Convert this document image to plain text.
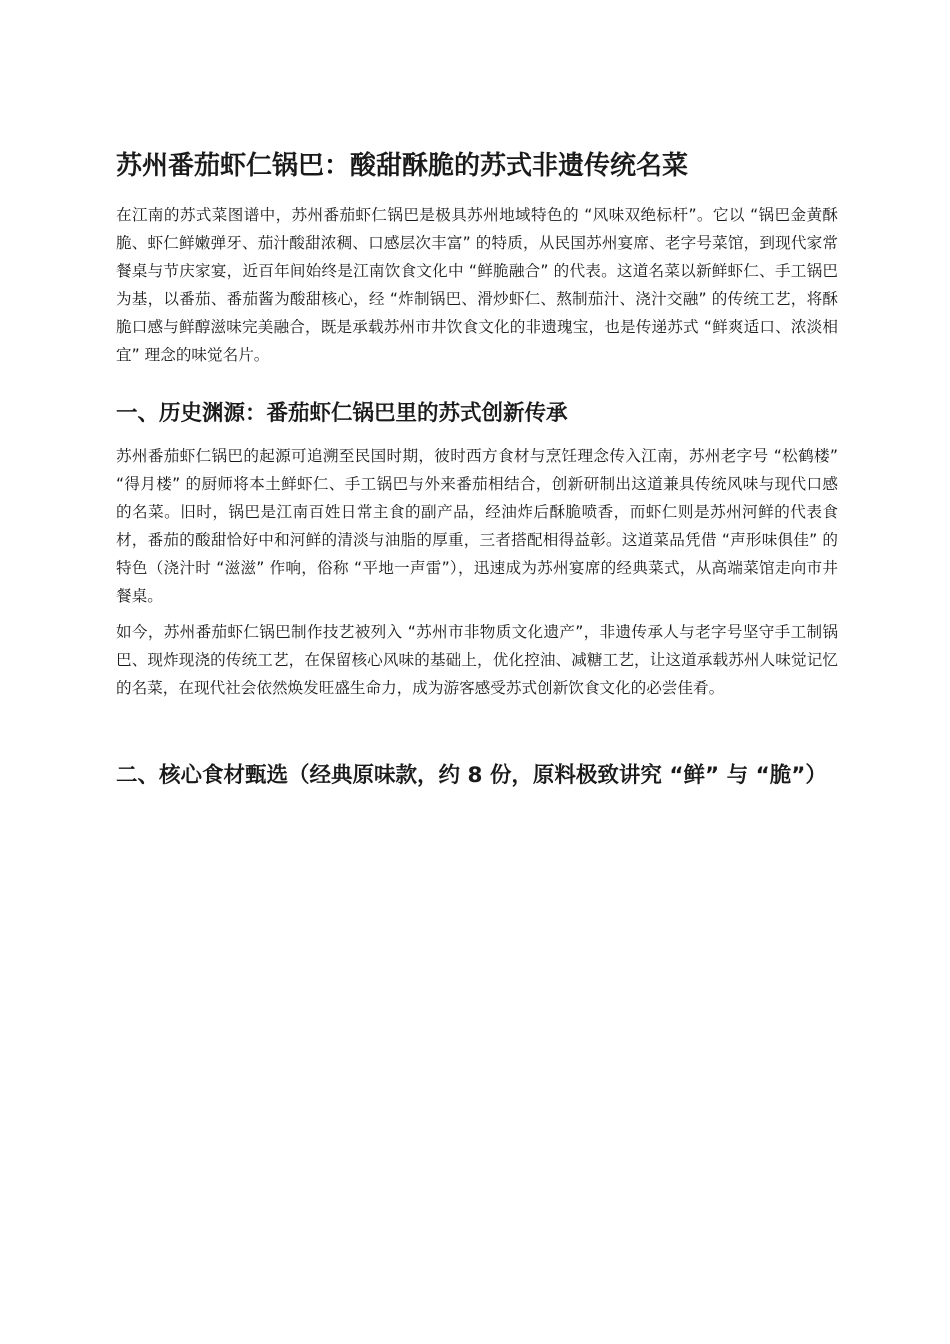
苏州番茄虾仁锅巴：酸甜酥脆的苏式非遗传统名菜

在江南的苏式菜图谱中，苏州番茄虾仁锅巴是极具苏州地域特色的 “风味双绝标杆”。它以 “锅巴金黄酥脆、虾仁鲜嫩弹牙、茄汁酸甜浓稠、口感层次丰富” 的特质，从民国苏州宴席、老字号菜馆，到现代家常餐桌与节庆家宴，近百年间始终是江南饮食文化中 “鲜脆融合” 的代表。这道名菜以新鲜虾仁、手工锅巴为基，以番茄、番茄酱为酸甜核心，经 “炸制锅巴、滑炒虾仁、熬制茄汁、浇汁交融” 的传统工艺，将酥脆口感与鲜醇滋味完美融合，既是承载苏州市井饮食文化的非遗瑰宝，也是传递苏式 “鲜爽适口、浓淡相宜” 理念的味觉名片。

一、历史渊源：番茄虾仁锅巴里的苏式创新传承

苏州番茄虾仁锅巴的起源可追溯至民国时期，彼时西方食材与烹饪理念传入江南，苏州老字号 “松鹤楼” “得月楼” 的厨师将本土鲜虾仁、手工锅巴与外来番茄相结合，创新研制出这道兼具传统风味与现代口感的名菜。旧时，锅巴是江南百姓日常主食的副产品，经油炸后酥脆喷香，而虾仁则是苏州河鲜的代表食材，番茄的酸甜恰好中和河鲜的清淡与油脂的厚重，三者搭配相得益彰。这道菜品凭借 “声形味俱佳” 的特色（浇汁时 “滋滋” 作响，俗称 “平地一声雷”），迅速成为苏州宴席的经典菜式，从高端菜馆走向市井餐桌。

如今，苏州番茄虾仁锅巴制作技艺被列入 “苏州市非物质文化遗产”，非遗传承人与老字号坚守手工制锅巴、现炸现浇的传统工艺，在保留核心风味的基础上，优化控油、减糖工艺，让这道承载苏州人味觉记忆的名菜，在现代社会依然焕发旺盛生命力，成为游客感受苏式创新饮食文化的必尝佳肴。

二、核心食材甄选（经典原味款，约 8 份，原料极致讲究 “鲜” 与 “脆”）
